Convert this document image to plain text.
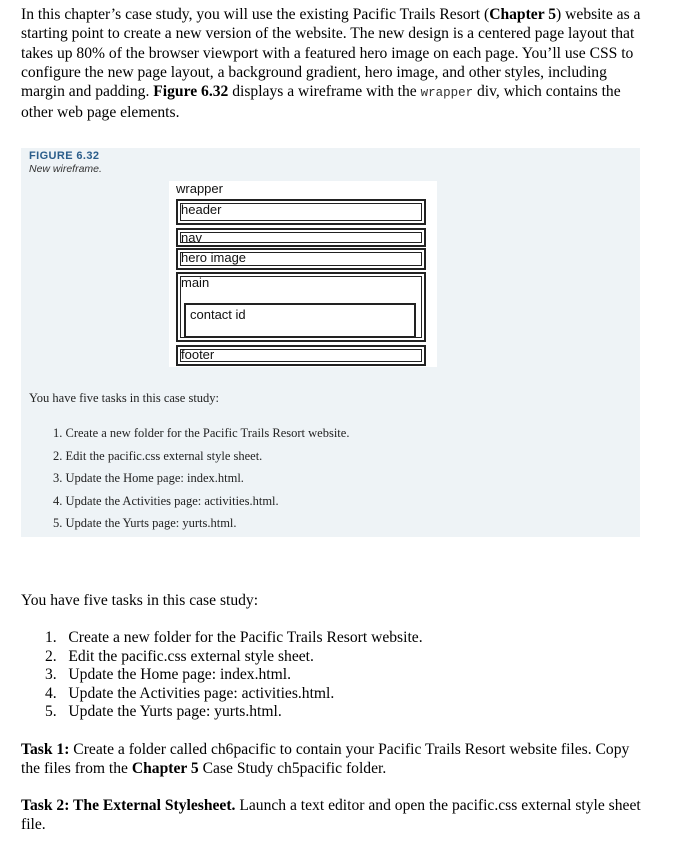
In this chapter’s case study, you will use the existing Pacific Trails Resort (Chapter 5) website as a starting point to create a new version of the website. The new design is a centered page layout that takes up 80% of the browser viewport with a featured hero image on each page. You’ll use CSS to configure the new page layout, a background gradient, hero image, and other styles, including margin and padding. Figure 6.32 displays a wireframe with the wrapper div, which contains the other web page elements.

FIGURE 6.32
New wireframe.
wrapper
header
nav
hero image
main
contact id
footer
You have five tasks in this case study:
1. Create a new folder for the Pacific Trails Resort website.
2. Edit the pacific.css external style sheet.
3. Update the Home page: index.html.
4. Update the Activities page: activities.html.
5. Update the Yurts page: yurts.html.

You have five tasks in this case study:

1.  Create a new folder for the Pacific Trails Resort website.
2.  Edit the pacific.css external style sheet.
3.  Update the Home page: index.html.
4.  Update the Activities page: activities.html.
5.  Update the Yurts page: yurts.html.

Task 1: Create a folder called ch6pacific to contain your Pacific Trails Resort website files. Copy the files from the Chapter 5 Case Study ch5pacific folder.

Task 2: The External Stylesheet. Launch a text editor and open the pacific.css external style sheet file.
